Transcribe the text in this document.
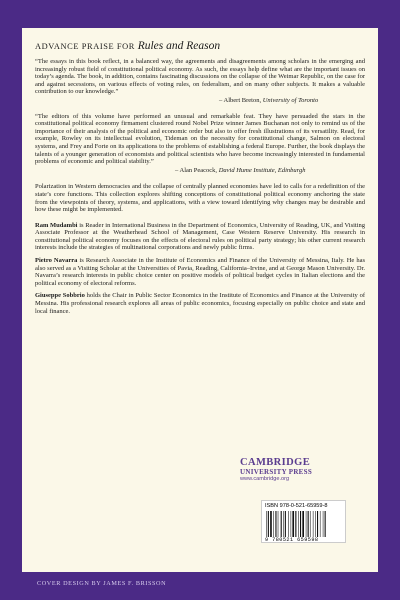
ADVANCE PRAISE FOR Rules and Reason

“The essays in this book reflect, in a balanced way, the agreements and disagreements among scholars in the emerging and increasingly robust field of constitutional political economy. As such, the essays help define what are the important issues on today’s agenda. The book, in addition, contains fascinating discussions on the collapse of the Weimar Republic, on the case for and against secessions, on various effects of voting rules, on federalism, and on many other subjects. It makes a valuable contribution to our knowledge.”

– Albert Breton, University of Toronto

“The editors of this volume have performed an unusual and remarkable feat. They have persuaded the stars in the constitutional political economy firmament clustered round Nobel Prize winner James Buchanan not only to remind us of the importance of their analysis of the political and economic order but also to offer fresh illustrations of its versatility. Read, for example, Rowley on its intellectual evolution, Tideman on the necessity for constitutional change, Salmon on electoral systems, and Frey and Forte on its applications to the problems of establishing a federal Europe. Further, the book displays the talents of a younger generation of economists and political scientists who have become increasingly interested in fundamental problems of economic and political stability.”

– Alan Peacock, David Hume Institute, Edinburgh

Polarization in Western democracies and the collapse of centrally planned economies have led to calls for a redefinition of the state’s core functions. This collection explores shifting conceptions of constitutional political economy anchoring the state from the viewpoints of theory, systems, and applications, with a view toward identifying why changes may be desirable and how these might be implemented.

Ram Mudambi is Reader in International Business in the Department of Economics, University of Reading, UK, and Visiting Associate Professor at the Weatherhead School of Management, Case Western Reserve University. His research in constitutional political economy focuses on the effects of electoral rules on political party strategy; his other current research interests include the strategies of multinational corporations and newly public firms.

Pietro Navarra is Research Associate in the Institute of Economics and Finance of the University of Messina, Italy. He has also served as a Visiting Scholar at the Universities of Pavia, Reading, California–Irvine, and at George Mason University. Dr. Navarra’s research interests in public choice center on positive models of political budget cycles in Italian elections and the political economy of electoral reforms.

Giuseppe Sobbrio holds the Chair in Public Sector Economics in the Institute of Economics and Finance at the University of Messina. His professional research explores all areas of public economics, focusing especially on public choice and state and local finance.

CAMBRIDGE
UNIVERSITY PRESS
www.cambridge.org
ISBN 978-0-521-65959-8
9 780521 659598
COVER DESIGN BY JAMES F. BRISSON
